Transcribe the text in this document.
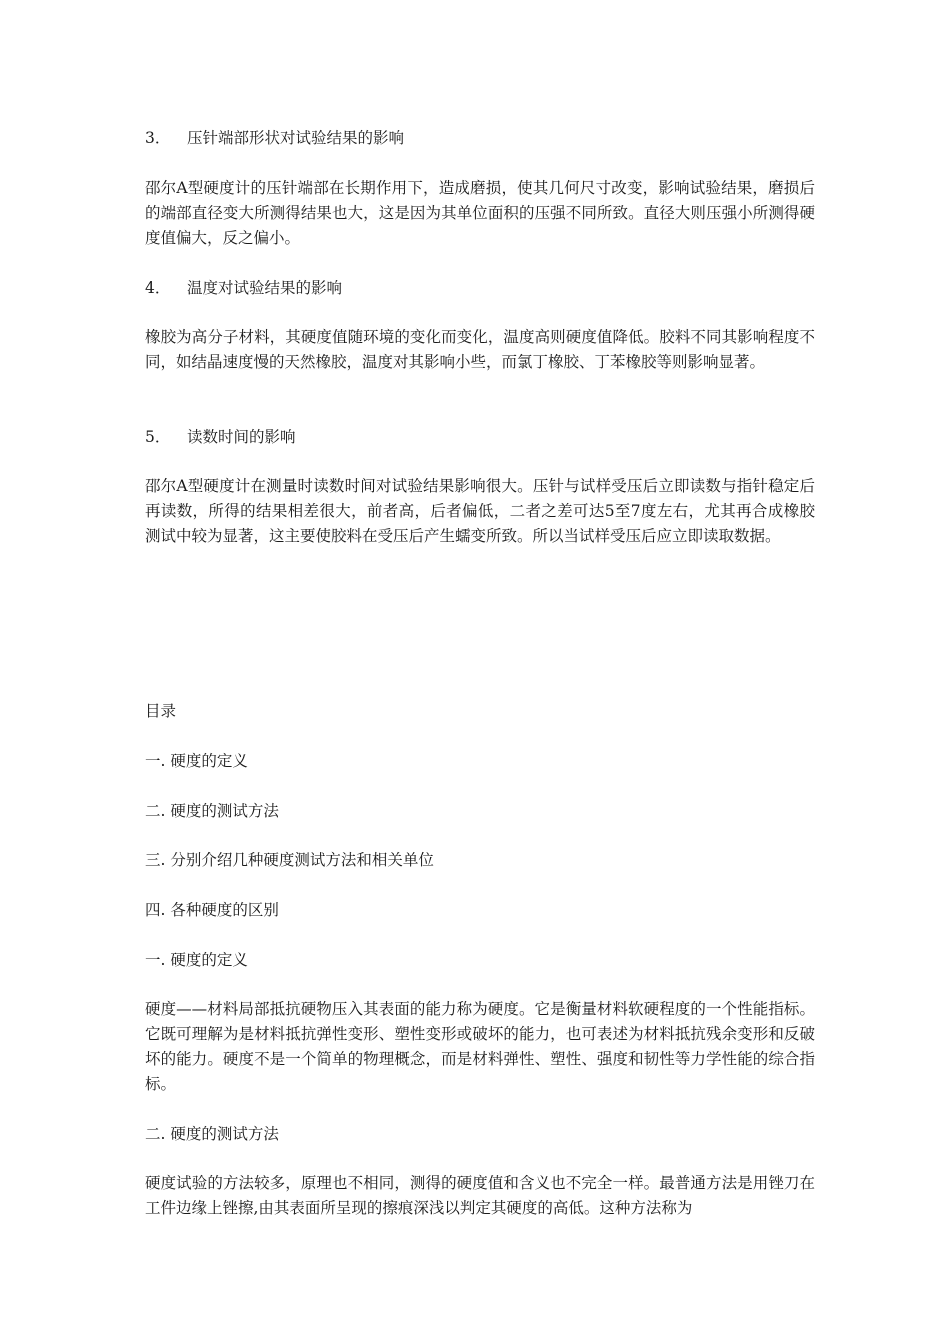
3． 压针端部形状对试验结果的影响

邵尔A型硬度计的压针端部在长期作用下，造成磨损，使其几何尺寸改变，影响试验结果，磨损后的端部直径变大所测得结果也大，这是因为其单位面积的压强不同所致。直径大则压强小所测得硬度值偏大，反之偏小。

4． 温度对试验结果的影响

橡胶为高分子材料，其硬度值随环境的变化而变化，温度高则硬度值降低。胶料不同其影响程度不同，如结晶速度慢的天然橡胶，温度对其影响小些，而氯丁橡胶、丁苯橡胶等则影响显著。

5． 读数时间的影响

邵尔A型硬度计在测量时读数时间对试验结果影响很大。压针与试样受压后立即读数与指针稳定后再读数，所得的结果相差很大，前者高，后者偏低，二者之差可达5至7度左右，尤其再合成橡胶测试中较为显著，这主要使胶料在受压后产生蠕变所致。所以当试样受压后应立即读取数据。

目录

一. 硬度的定义

二. 硬度的测试方法

三. 分别介绍几种硬度测试方法和相关单位

四. 各种硬度的区别

一. 硬度的定义

硬度——材料局部抵抗硬物压入其表面的能力称为硬度。它是衡量材料软硬程度的一个性能指标。它既可理解为是材料抵抗弹性变形、塑性变形或破坏的能力，也可表述为材料抵抗残余变形和反破坏的能力。硬度不是一个简单的物理概念，而是材料弹性、塑性、强度和韧性等力学性能的综合指标。

二. 硬度的测试方法

硬度试验的方法较多，原理也不相同，测得的硬度值和含义也不完全一样。最普通方法是用锉刀在工件边缘上锉擦,由其表面所呈现的擦痕深浅以判定其硬度的高低。这种方法称为
